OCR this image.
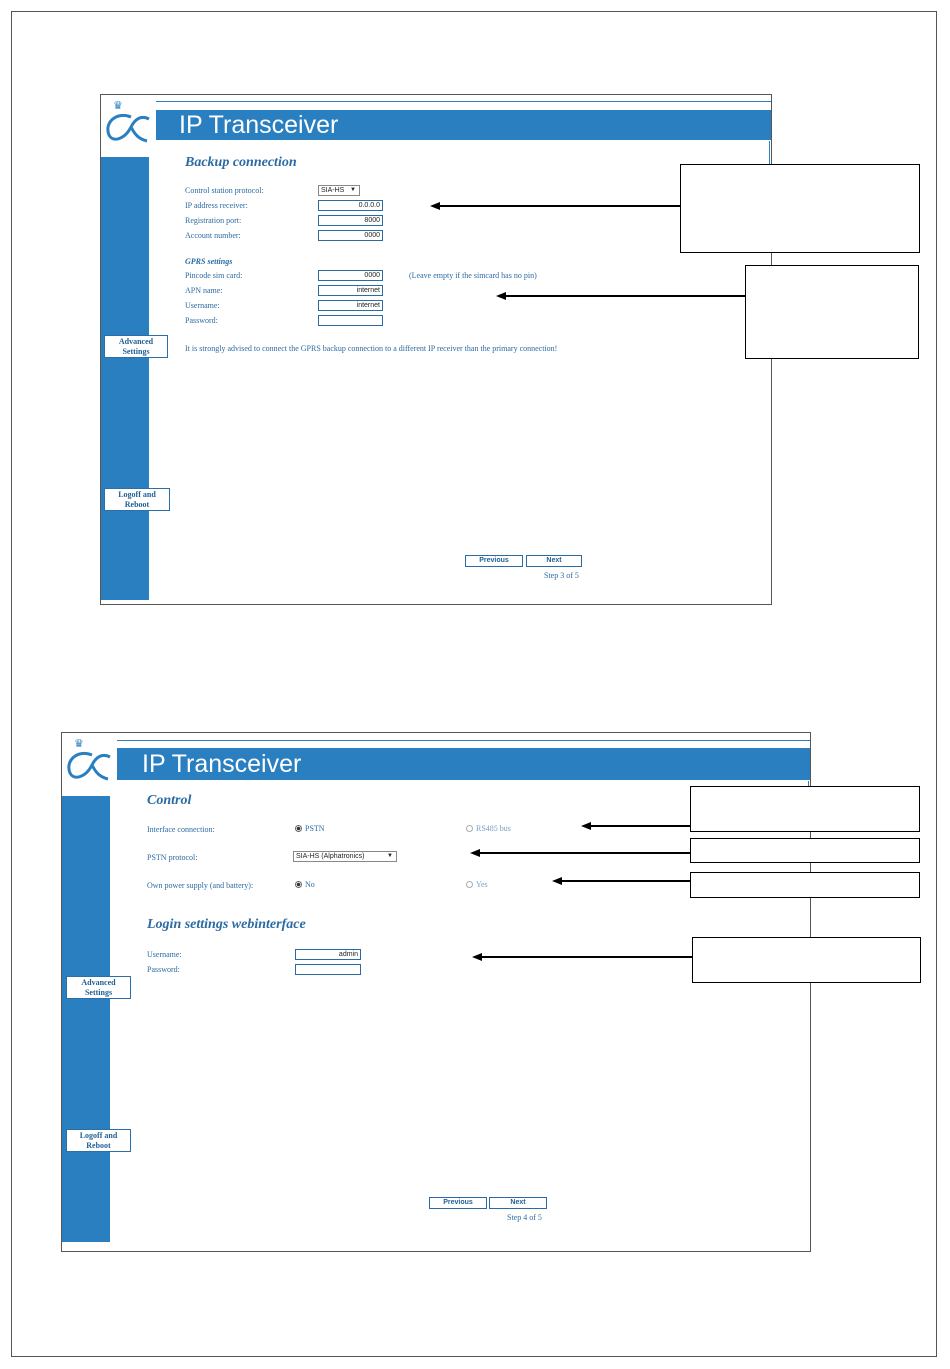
IP Transceiver
♛
Advanced
Settings
Logoff and
Reboot
Backup connection
Control station protocol:	SIA-HS ▼
IP address receiver:	0.0.0.0
Registration port:	8000
Account number:	0000
GPRS settings
Pincode sim card:	0000	(Leave empty if the simcard has no pin)
APN name:	internet
Username:	internet
Password:
It is strongly advised to connect the GPRS backup connection to a different IP receiver than the primary connection!
Previous	Next
Step 3 of 5
IP Transceiver
♛
Advanced
Settings
Logoff and
Reboot
Control
Interface connection:	PSTN	RS485 bus
PSTN protocol:	SIA-HS (Alphatronics)	▼
Own power supply (and battery):	No	Yes
Login settings webinterface
Username:	admin
Password:
Previous	Next
Step 4 of 5
